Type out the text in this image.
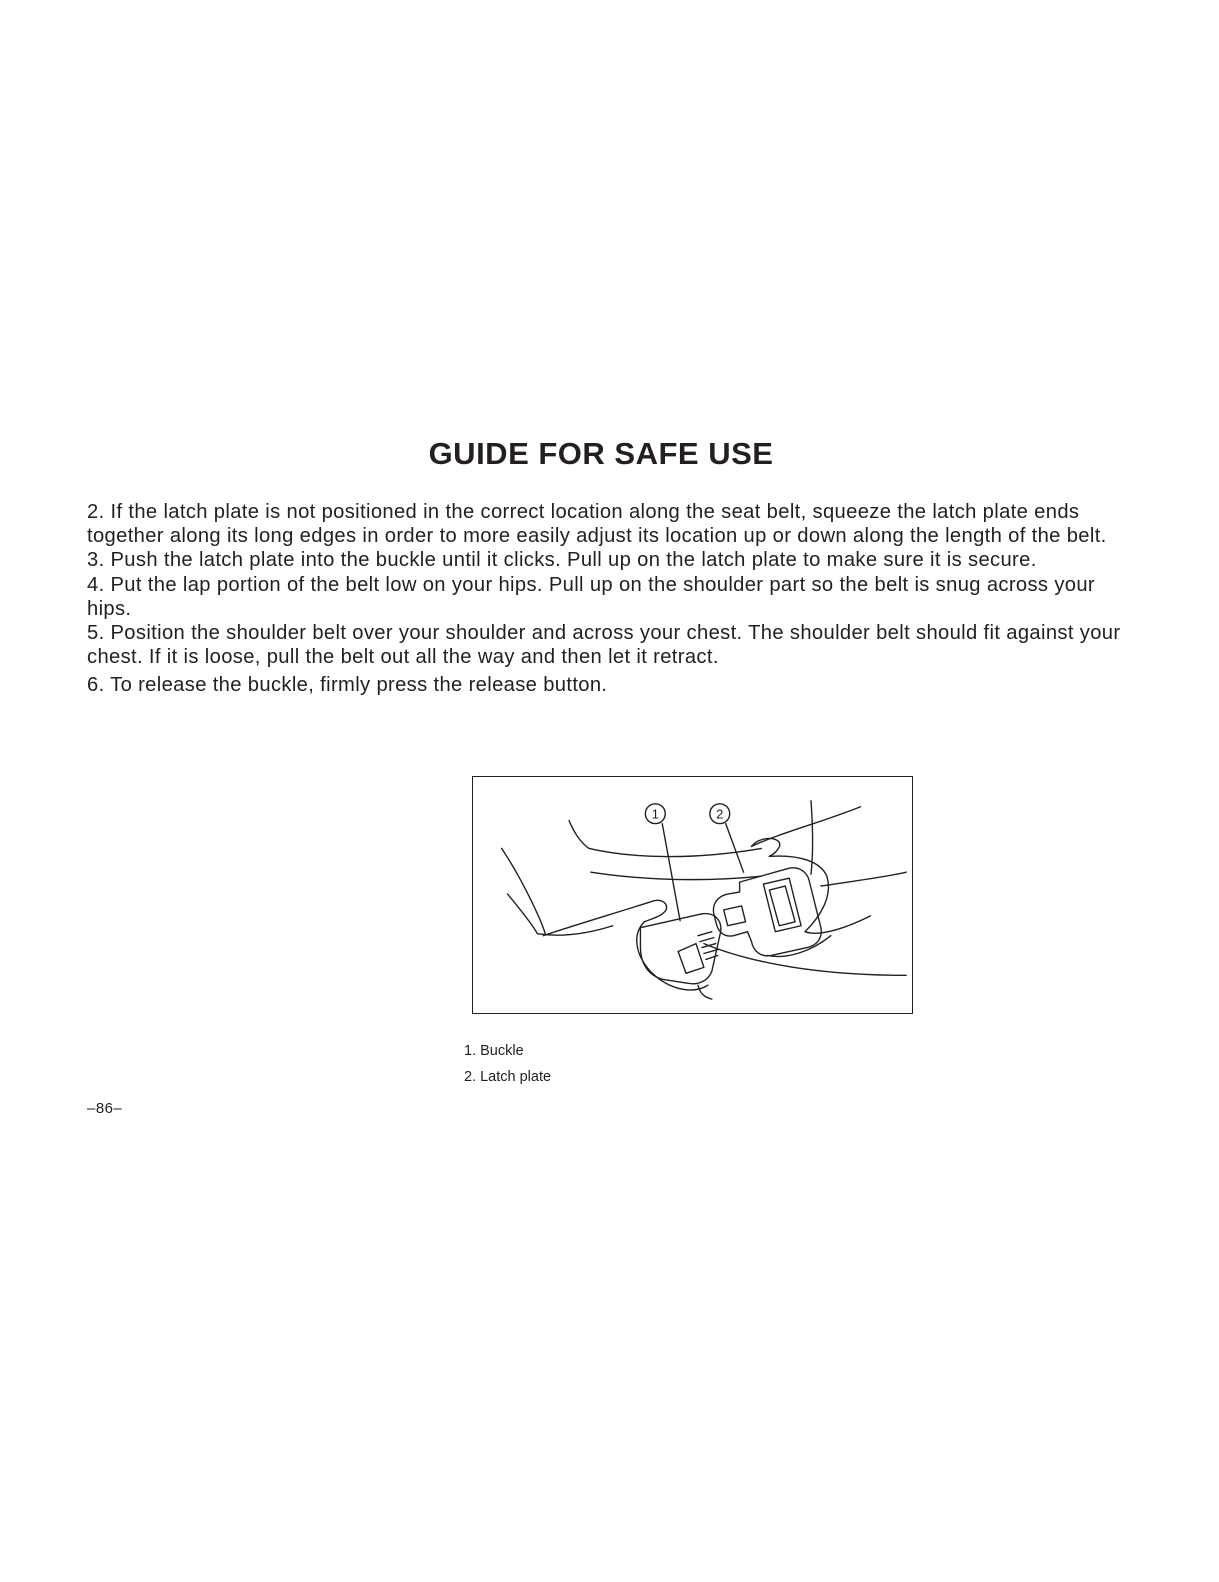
GUIDE FOR SAFE USE

2. If the latch plate is not positioned in the correct location along the seat belt, squeeze the latch plate ends together along its long edges in order to more easily adjust its location up or down along the length of the belt.

3. Push the latch plate into the buckle until it clicks. Pull up on the latch plate to make sure it is secure.

4. Put the lap portion of the belt low on your hips. Pull up on the shoulder part so the belt is snug across your hips.

5. Position the shoulder belt over your shoulder and across your chest. The shoulder belt should fit against your chest. If it is loose, pull the belt out all the way and then let it retract.

6. To release the buckle, firmly press the release button.

1	2
1. Buckle
2. Latch plate
–86–
